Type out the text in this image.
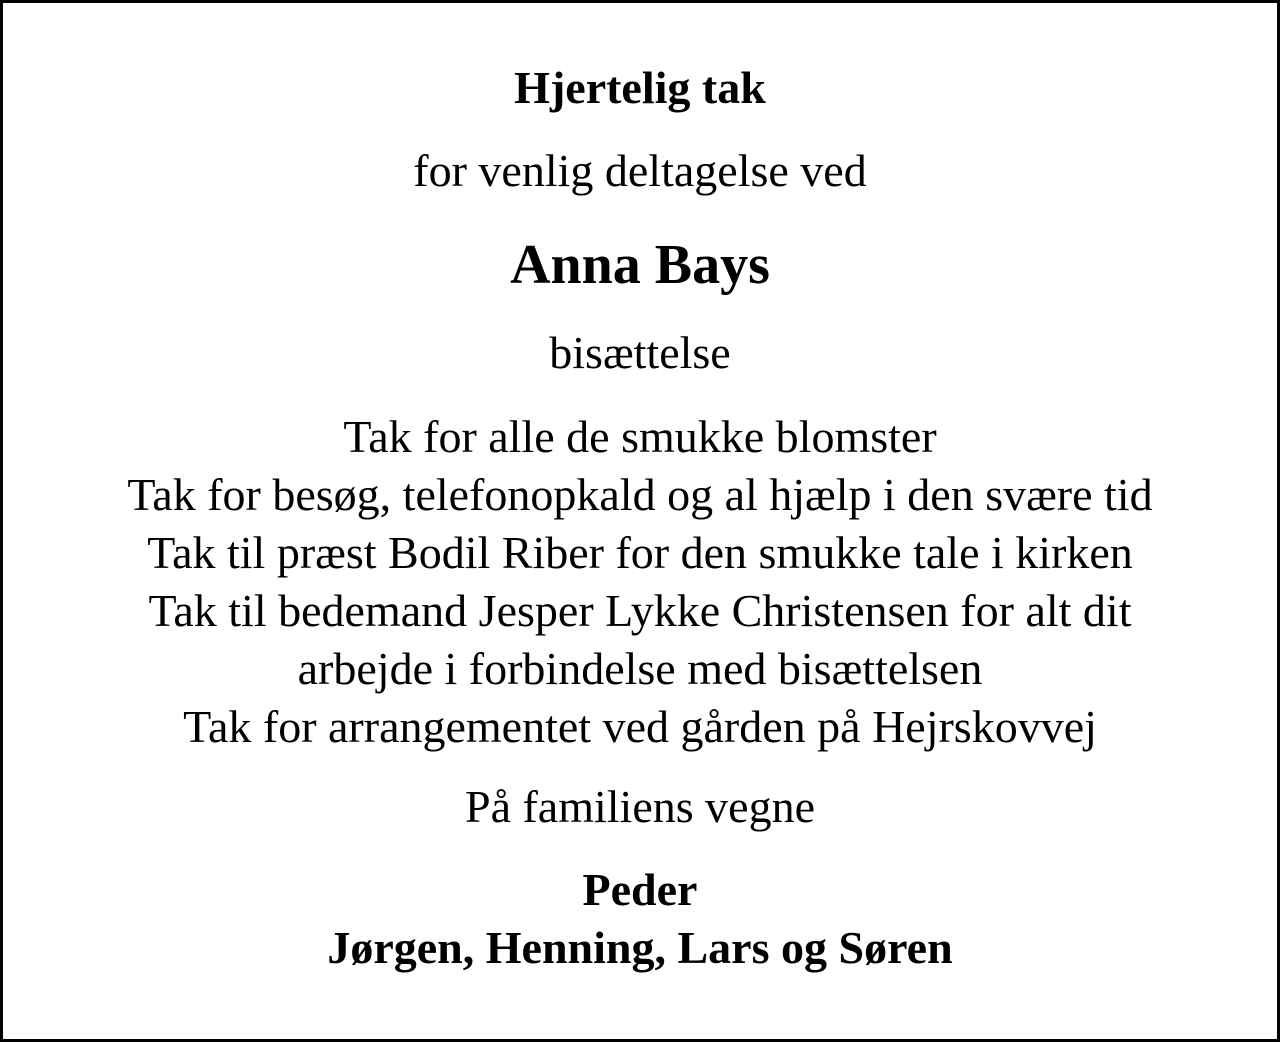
Hjertelig tak
for venlig deltagelse ved
Anna Bays
bisættelse
Tak for alle de smukke blomster
Tak for besøg, telefonopkald og al hjælp i den svære tid
Tak til præst Bodil Riber for den smukke tale i kirken
Tak til bedemand Jesper Lykke Christensen for alt dit
arbejde i forbindelse med bisættelsen
Tak for arrangementet ved gården på Hejrskovvej
På familiens vegne
Peder
Jørgen, Henning, Lars og Søren
